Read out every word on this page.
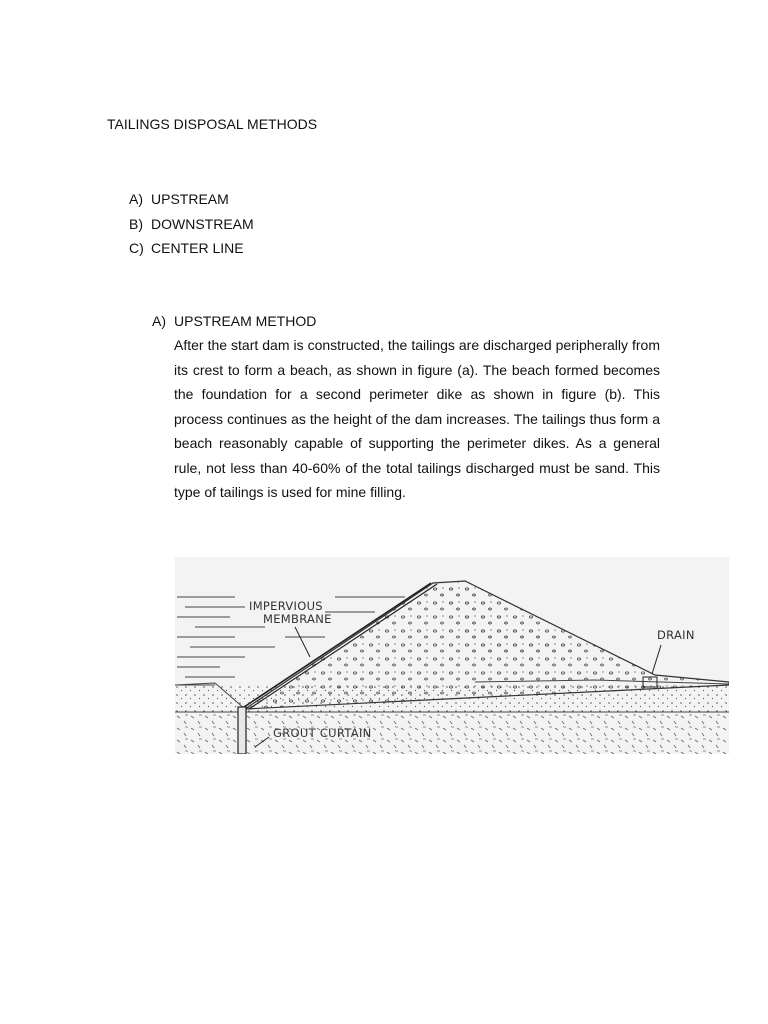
TAILINGS DISPOSAL METHODS
A) UPSTREAM
B) DOWNSTREAM
C) CENTER LINE
A) UPSTREAM METHOD

After the start dam is constructed, the tailings are discharged peripherally from its crest to form a beach, as shown in figure (a). The beach formed becomes the foundation for a second perimeter dike as shown in figure (b). This process continues as the height of the dam increases. The tailings thus form a beach reasonably capable of supporting the perimeter dikes. As a general rule, not less than 40-60% of the total tailings discharged must be sand. This type of tailings is used for mine filling.

IMPERVIOUS
MEMBRANE
DRAIN
GROUT CURTAIN
